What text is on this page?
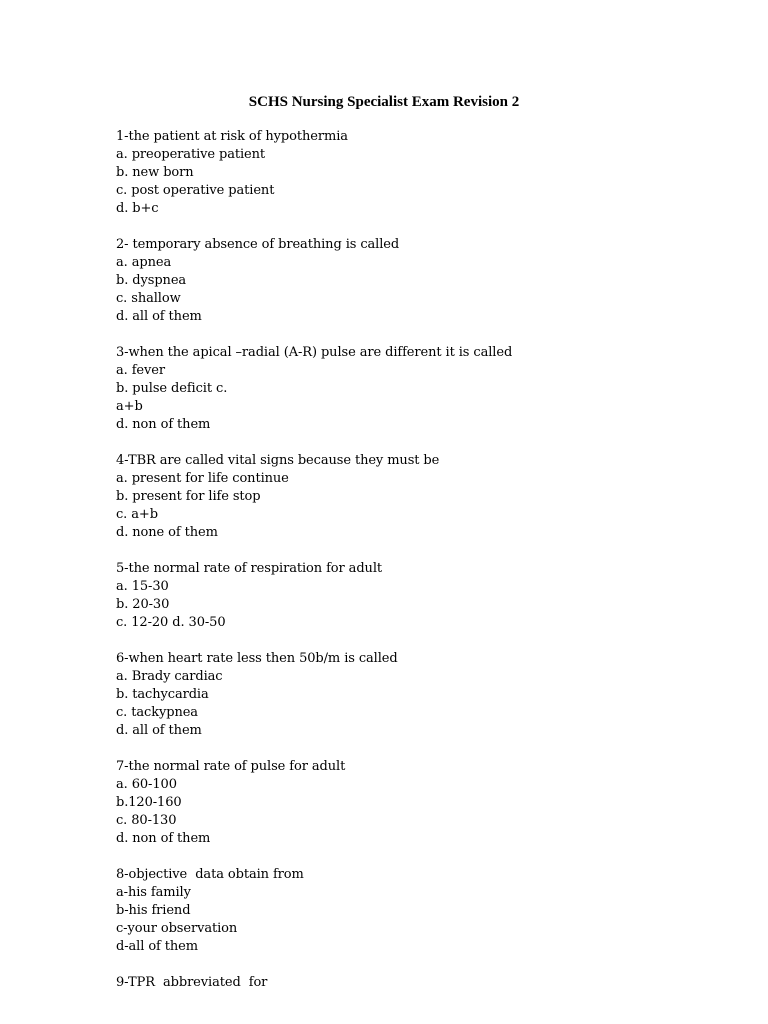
SCHS Nursing Specialist Exam Revision 2
1-the patient at risk of hypothermia
a. preoperative patient
b. new born
c. post operative patient
d. b+c
2- temporary absence of breathing is called
a. apnea
b. dyspnea
c. shallow
d. all of them
3-when the apical –radial (A-R) pulse are different it is called
a. fever
b. pulse deficit c.
a+b
d. non of them
4-TBR are called vital signs because they must be
a. present for life continue
b. present for life stop
c. a+b
d. none of them
5-the normal rate of respiration for adult
a. 15-30
b. 20-30
c. 12-20 d. 30-50
6-when heart rate less then 50b/m is called
a. Brady cardiac
b. tachycardia
c. tackypnea
d. all of them
7-the normal rate of pulse for adult
a. 60-100
b.120-160
c. 80-130
d. non of them
8-objective  data obtain from
a-his family
b-his friend
c-your observation
d-all of them
9-TPR  abbreviated  for
